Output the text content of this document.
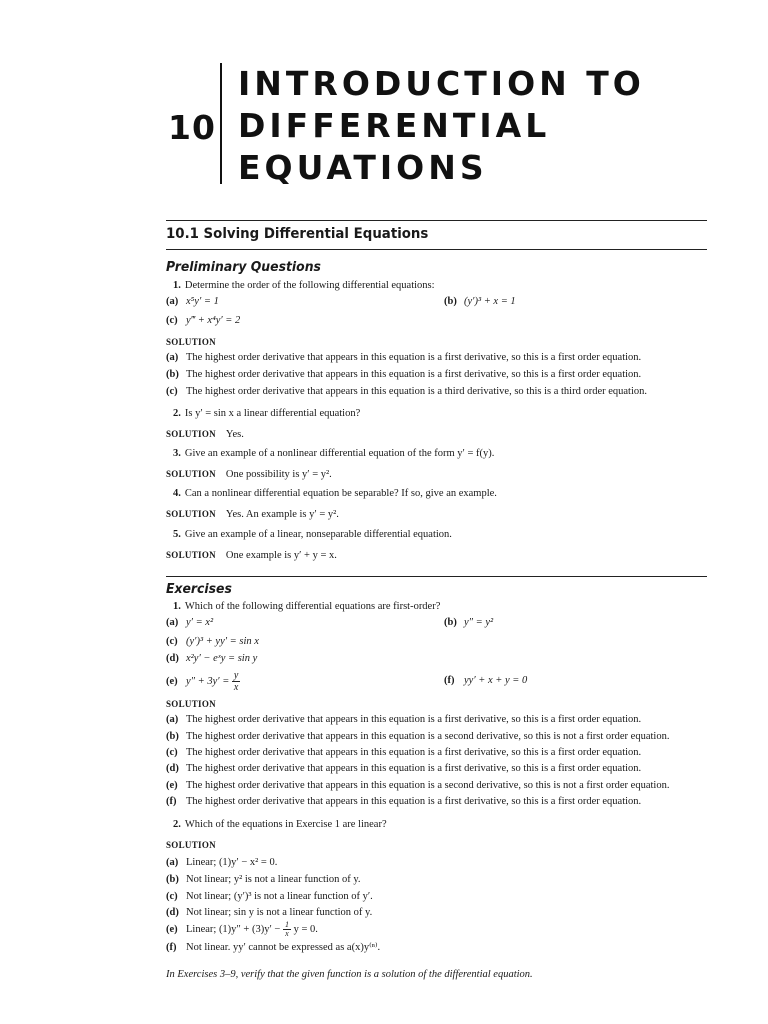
10
INTRODUCTION TO
DIFFERENTIAL
EQUATIONS
10.1 Solving Differential Equations
Preliminary Questions
1. Determine the order of the following differential equations:
(a) x⁵y′ = 1	(b) (y′)³ + x = 1
(c) y‴ + x⁴y′ = 2
SOLUTION
(a) The highest order derivative that appears in this equation is a first derivative, so this is a first order equation.
(b) The highest order derivative that appears in this equation is a first derivative, so this is a first order equation.
(c) The highest order derivative that appears in this equation is a third derivative, so this is a third order equation.
2. Is y′ = sin x a linear differential equation?
SOLUTION Yes.
3. Give an example of a nonlinear differential equation of the form y′ = f(y).
SOLUTION One possibility is y′ = y².
4. Can a nonlinear differential equation be separable? If so, give an example.
SOLUTION Yes. An example is y′ = y².
5. Give an example of a linear, nonseparable differential equation.
SOLUTION One example is y′ + y = x.
Exercises
1. Which of the following differential equations are first-order?
(a) y′ = x²	(b) y″ = y²
(c) (y′)³ + yy′ = sin x
(d) x²y′ − eˣy = sin y
(e) $y'' + 3y' = \frac{y}{x}$	(f) yy′ + x + y = 0
SOLUTION
(a) The highest order derivative that appears in this equation is a first derivative, so this is a first order equation.
(b) The highest order derivative that appears in this equation is a second derivative, so this is not a first order equation.
(c) The highest order derivative that appears in this equation is a first derivative, so this is a first order equation.
(d) The highest order derivative that appears in this equation is a first derivative, so this is a first order equation.
(e) The highest order derivative that appears in this equation is a second derivative, so this is not a first order equation.
(f) The highest order derivative that appears in this equation is a first derivative, so this is a first order equation.
2. Which of the equations in Exercise 1 are linear?
SOLUTION
(a) Linear; (1)y′ − x² = 0.
(b) Not linear; y² is not a linear function of y.
(c) Not linear; (y′)³ is not a linear function of y′.
(d) Not linear; sin y is not a linear function of y.
(e) Linear; $(1)y'' + (3)y' - \frac{1}{x}$ y = 0.
(f) Not linear. yy′ cannot be expressed as a(x)y⁽ⁿ⁾.
In Exercises 3–9, verify that the given function is a solution of the differential equation.
